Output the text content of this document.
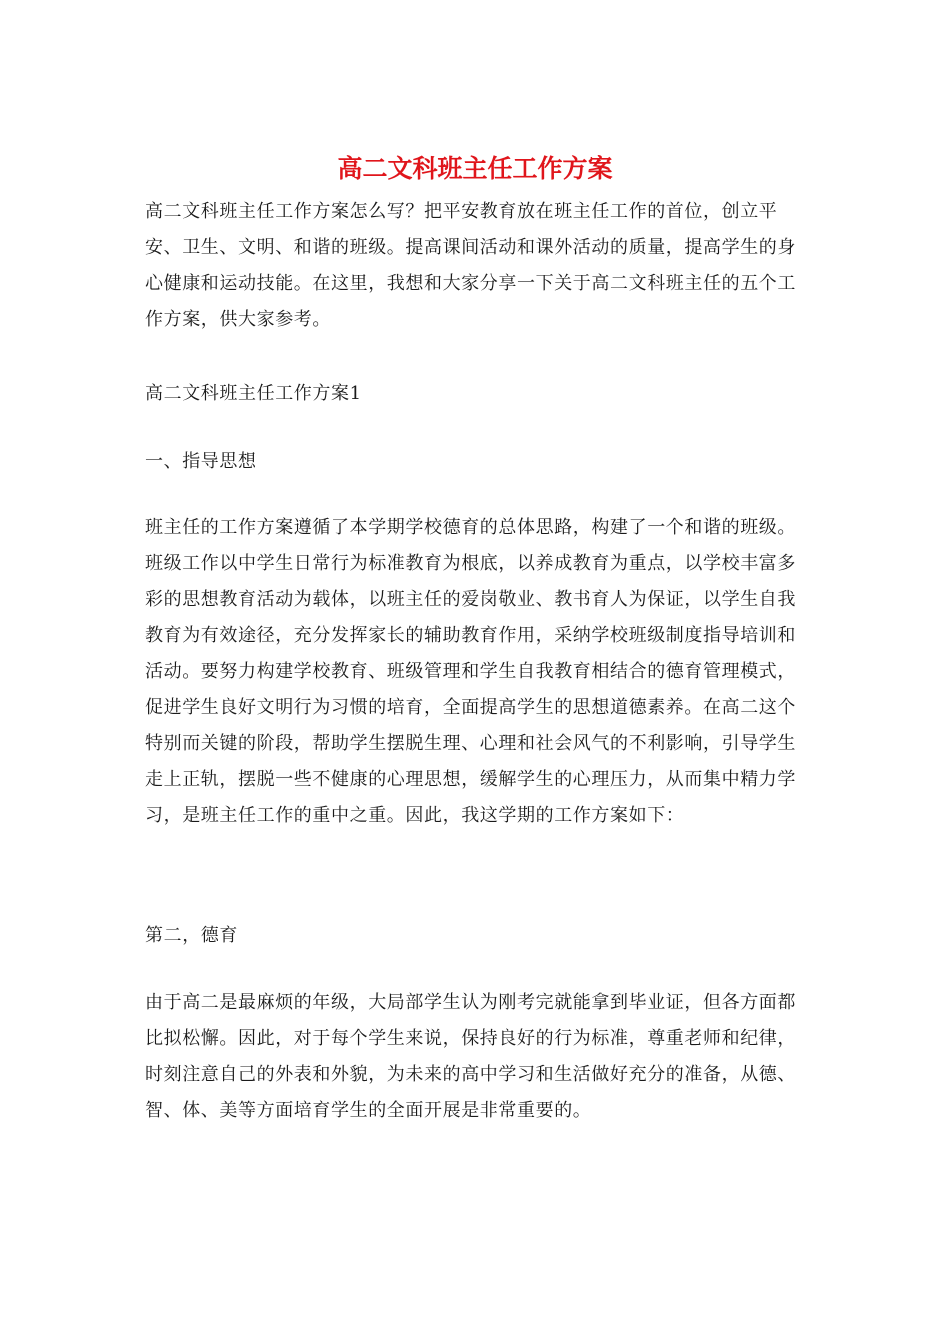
高二文科班主任工作方案

高二文科班主任工作方案怎么写？把平安教育放在班主任工作的首位，创立平安、卫生、文明、和谐的班级。提高课间活动和课外活动的质量，提高学生的身心健康和运动技能。在这里，我想和大家分享一下关于高二文科班主任的五个工作方案，供大家参考。

高二文科班主任工作方案1

一、指导思想

班主任的工作方案遵循了本学期学校德育的总体思路，构建了一个和谐的班级。班级工作以中学生日常行为标准教育为根底，以养成教育为重点，以学校丰富多彩的思想教育活动为载体，以班主任的爱岗敬业、教书育人为保证，以学生自我教育为有效途径，充分发挥家长的辅助教育作用，采纳学校班级制度指导培训和活动。要努力构建学校教育、班级管理和学生自我教育相结合的德育管理模式，促进学生良好文明行为习惯的培育，全面提高学生的思想道德素养。在高二这个特别而关键的阶段，帮助学生摆脱生理、心理和社会风气的不利影响，引导学生走上正轨，摆脱一些不健康的心理思想，缓解学生的心理压力，从而集中精力学习，是班主任工作的重中之重。因此，我这学期的工作方案如下：

第二，德育

由于高二是最麻烦的年级，大局部学生认为刚考完就能拿到毕业证，但各方面都比拟松懈。因此，对于每个学生来说，保持良好的行为标准，尊重老师和纪律，时刻注意自己的外表和外貌，为未来的高中学习和生活做好充分的准备，从德、智、体、美等方面培育学生的全面开展是非常重要的。
